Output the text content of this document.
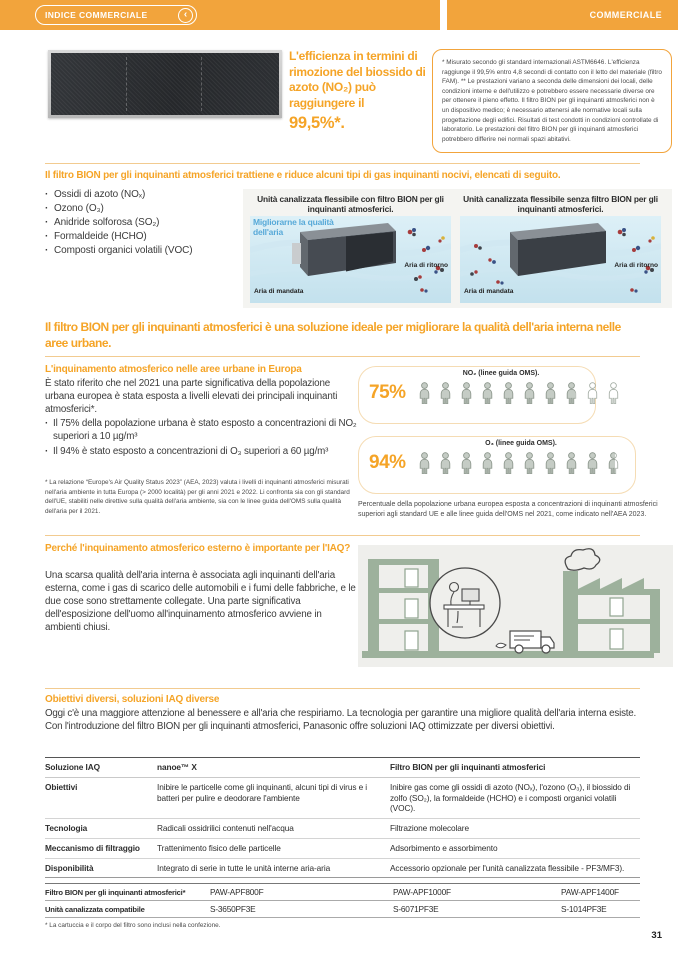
INDICE COMMERCIALE	‹	COMMERCIALE
L'efficienza in termini di rimozione del biossido di azoto (NO₂) può raggiungere il
99,5%*.
* Misurato secondo gli standard internazionali ASTM6646. L'efficienza raggiunge il 99,5% entro 4,8 secondi di contatto con il letto del materiale (filtro FAM). ** Le prestazioni variano a seconda delle dimensioni dei locali, delle condizioni interne e dell'utilizzo e potrebbero essere necessarie diverse ore per ottenere il pieno effetto. Il filtro BION per gli inquinanti atmosferici non è un dispositivo medico; è necessario attenersi alle normative locali sulla progettazione degli edifici. Risultati di test condotti in condizioni controllate di laboratorio. Le prestazioni del filtro BION per gli inquinanti atmosferici potrebbero differire nei normali spazi abitativi.
Il filtro BION per gli inquinanti atmosferici trattiene e riduce alcuni tipi di gas inquinanti nocivi, elencati di seguito.
· Ossidi di azoto (NOₓ)
· Ozono (O₃)
· Anidride solforosa (SO₂)
· Formaldeide (HCHO)
· Composti organici volatili (VOC)
Unità canalizzata flessibile con filtro BION per gli inquinanti atmosferici.
Migliorarne la qualità dell'aria
Aria di mandata
Aria di ritorno
Unità canalizzata flessibile senza filtro BION per gli inquinanti atmosferici.
Aria di mandata
Aria di ritorno
Il filtro BION per gli inquinanti atmosferici è una soluzione ideale per migliorare la qualità dell'aria interna nelle aree urbane.
L'inquinamento atmosferico nelle aree urbane in Europa
È stato riferito che nel 2021 una parte significativa della popolazione urbana europea è stata esposta a livelli elevati dei principali inquinanti atmosferici*.
· Il 75% della popolazione urbana è stato esposto a concentrazioni di NO₂ superiori a 10 µg/m³
· Il 94% è stato esposto a concentrazioni di O₃ superiori a 60 µg/m³
* La relazione “Europe's Air Quality Status 2023” (AEA, 2023) valuta i livelli di inquinanti atmosferici misurati nell'aria ambiente in tutta Europa (> 2000 località) per gli anni 2021 e 2022. Li confronta sia con gli standard dell'UE, stabiliti nelle direttive sulla qualità dell'aria ambiente, sia con le linee guida dell'OMS sulla qualità dell'aria per il 2021.
75%
NO₂ (linee guida OMS).
94%
O₃ (linee guida OMS).
Percentuale della popolazione urbana europea esposta a concentrazioni di inquinanti atmosferici superiori agli standard UE e alle linee guida dell'OMS nel 2021, come indicato nell'AEA 2023.
Perché l'inquinamento atmosferico esterno è importante per l'IAQ?
Una scarsa qualità dell'aria interna è associata agli inquinanti dell'aria esterna, come i gas di scarico delle automobili e i fumi delle fabbriche, e le due cose sono strettamente collegate. Una parte significativa dell'esposizione dell'uomo all'inquinamento atmosferico avviene in ambienti chiusi.
Obiettivi diversi, soluzioni IAQ diverse
Oggi c'è una maggiore attenzione al benessere e all'aria che respiriamo. La tecnologia per garantire una migliore qualità dell'aria interna esiste. Con l'introduzione del filtro BION per gli inquinanti atmosferici, Panasonic offre soluzioni IAQ ottimizzate per diversi obiettivi.
Soluzione IAQ	nanoe™ X	Filtro BION per gli inquinanti atmosferici
Obiettivi	Inibire le particelle come gli inquinanti, alcuni tipi di virus e i batteri per pulire e deodorare l'ambiente	Inibire gas come gli ossidi di azoto (NOₓ), l'ozono (O₃), il biossido di zolfo (SO₂), la formaldeide (HCHO) e i composti organici volatili (VOC).
Tecnologia	Radicali ossidrilici contenuti nell'acqua	Filtrazione molecolare
Meccanismo di filtraggio	Trattenimento fisico delle particelle	Adsorbimento e assorbimento
Disponibilità	Integrato di serie in tutte le unità interne aria-aria	Accessorio opzionale per l'unità canalizzata flessibile - PF3/MF3).
Filtro BION per gli inquinanti atmosferici*	PAW-APF800F	PAW-APF1000F	PAW-APF1400F
Unità canalizzata compatibile	S-3650PF3E	S-6071PF3E	S-1014PF3E
* La cartuccia e il corpo del filtro sono inclusi nella confezione.
31
